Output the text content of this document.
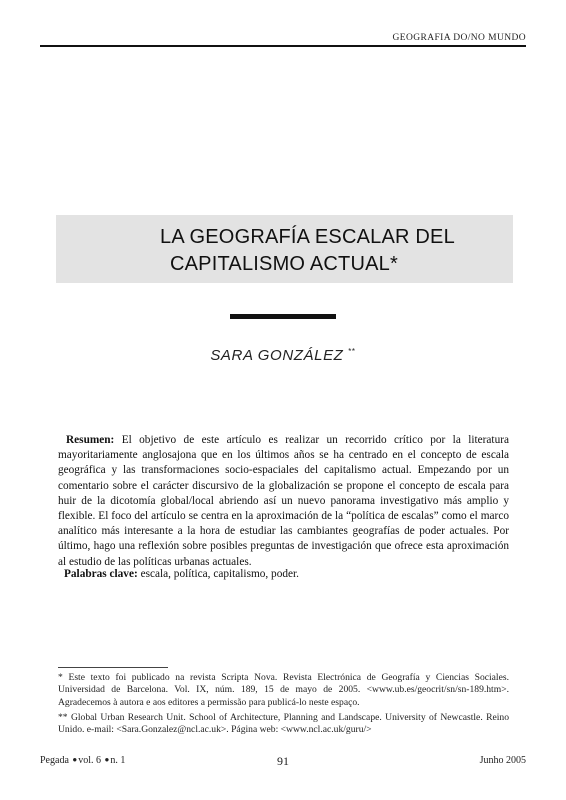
GEOGRAFIA DO/NO MUNDO
LA GEOGRAFÍA ESCALAR DEL
CAPITALISMO ACTUAL*
SARA GONZÁLEZ **
Resumen: El objetivo de este artículo es realizar un recorrido crítico por la literatura mayoritariamente anglosajona que en los últimos años se ha centrado en el concepto de escala geográfica y las transformaciones socio-espaciales del capitalismo actual. Empezando por un comentario sobre el carácter discursivo de la globalización se propone el concepto de escala para huir de la dicotomía global/local abriendo así un nuevo panorama investigativo más amplio y flexible. El foco del artículo se centra en la aproximación de la “política de escalas” como el marco analítico más interesante a la hora de estudiar las cambiantes geografías de poder actuales. Por último, hago una reflexión sobre posibles preguntas de investigación que ofrece esta aproximación al estudio de las políticas urbanas actuales.
Palabras clave: escala, política, capitalismo, poder.
* Este texto foi publicado na revista Scripta Nova. Revista Electrónica de Geografía y Ciencias Sociales. Universidad de Barcelona. Vol. IX, núm. 189, 15 de mayo de 2005. <www.ub.es/geocrit/sn/sn-189.htm>. Agradecemos à autora e aos editores a permissão para publicá-lo neste espaço.
** Global Urban Research Unit. School of Architecture, Planning and Landscape. University of Newcastle. Reino Unido. e-mail: <Sara.Gonzalez@ncl.ac.uk>. Página web: <www.ncl.ac.uk/guru/>
Pegada ●vol. 6 ●n. 1	91	Junho 2005
